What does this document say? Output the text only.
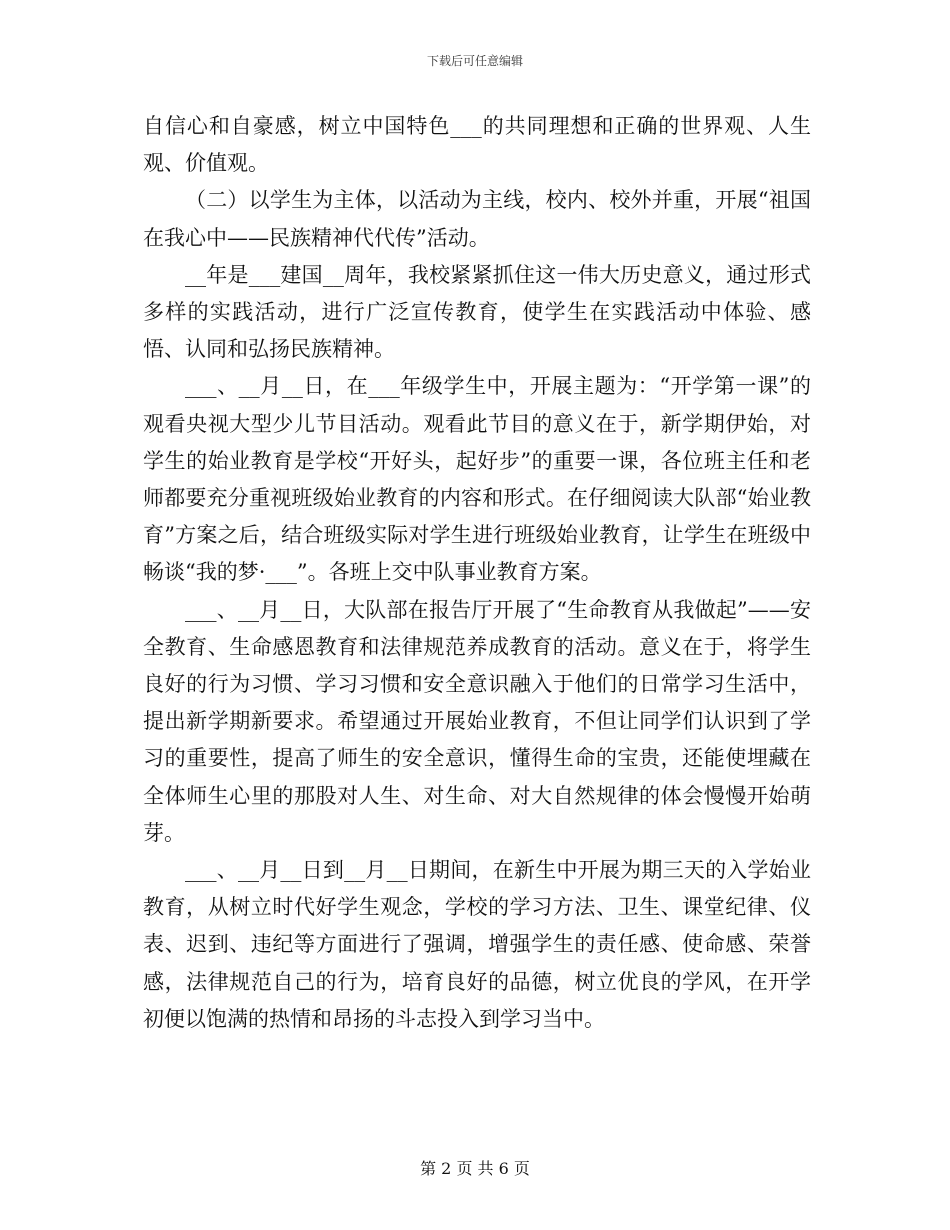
下载后可任意编辑

自信心和自豪感，树立中国特色___的共同理想和正确的世界观、人生观、价值观。

（二）以学生为主体，以活动为主线，校内、校外并重，开展“祖国在我心中——民族精神代代传”活动。

__年是___建国__周年，我校紧紧抓住这一伟大历史意义，通过形式多样的实践活动，进行广泛宣传教育，使学生在实践活动中体验、感悟、认同和弘扬民族精神。

___、__月__日，在___年级学生中，开展主题为：“开学第一课”的观看央视大型少儿节目活动。观看此节目的意义在于，新学期伊始，对学生的始业教育是学校“开好头，起好步”的重要一课，各位班主任和老师都要充分重视班级始业教育的内容和形式。在仔细阅读大队部“始业教育”方案之后，结合班级实际对学生进行班级始业教育，让学生在班级中畅谈“我的梦·___”。各班上交中队事业教育方案。

___、__月__日，大队部在报告厅开展了“生命教育从我做起”——安全教育、生命感恩教育和法律规范养成教育的活动。意义在于，将学生良好的行为习惯、学习习惯和安全意识融入于他们的日常学习生活中，提出新学期新要求。希望通过开展始业教育，不但让同学们认识到了学习的重要性，提高了师生的安全意识，懂得生命的宝贵，还能使埋藏在全体师生心里的那股对人生、对生命、对大自然规律的体会慢慢开始萌芽。

___、__月__日到__月__日期间，在新生中开展为期三天的入学始业教育，从树立时代好学生观念，学校的学习方法、卫生、课堂纪律、仪表、迟到、违纪等方面进行了强调，增强学生的责任感、使命感、荣誉感，法律规范自己的行为，培育良好的品德，树立优良的学风，在开学初便以饱满的热情和昂扬的斗志投入到学习当中。

第 2 页 共 6 页
